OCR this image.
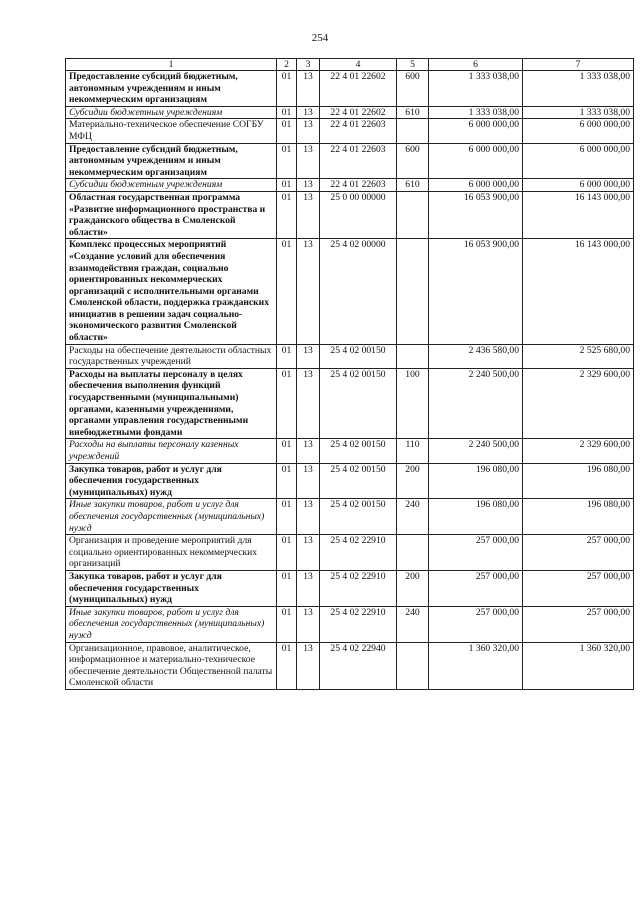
254
1	2	3	4	5	6	7
Предоставление субсидий бюджетным, автономным учреждениям и иным некоммерческим организациям	01	13	22 4 01 22602	600	1 333 038,00	1 333 038,00
Субсидии бюджетным учреждениям	01	13	22 4 01 22602	610	1 333 038,00	1 333 038,00
Материально-техническое обеспечение СОГБУ МФЦ	01	13	22 4 01 22603		6 000 000,00	6 000 000,00
Предоставление субсидий бюджетным, автономным учреждениям и иным некоммерческим организациям	01	13	22 4 01 22603	600	6 000 000,00	6 000 000,00
Субсидии бюджетным учреждениям	01	13	22 4 01 22603	610	6 000 000,00	6 000 000,00
Областная государственная программа «Развитие информационного пространства и гражданского общества в Смоленской области»	01	13	25 0 00 00000		16 053 900,00	16 143 000,00
Комплекс процессных мероприятий «Создание условий для обеспечения взаимодействия граждан, социально ориентированных некоммерческих организаций с исполнительными органами Смоленской области, поддержка гражданских инициатив в решении задач социально-экономического развития Смоленской области»	01	13	25 4 02 00000		16 053 900,00	16 143 000,00
Расходы на обеспечение деятельности областных государственных учреждений	01	13	25 4 02 00150		2 436 580,00	2 525 680,00
Расходы на выплаты персоналу в целях обеспечения выполнения функций государственными (муниципальными) органами, казенными учреждениями, органами управления государственными внебюджетными фондами	01	13	25 4 02 00150	100	2 240 500,00	2 329 600,00
Расходы на выплаты персоналу казенных учреждений	01	13	25 4 02 00150	110	2 240 500,00	2 329 600,00
Закупка товаров, работ и услуг для обеспечения государственных (муниципальных) нужд	01	13	25 4 02 00150	200	196 080,00	196 080,00
Иные закупки товаров, работ и услуг для обеспечения государственных (муниципальных) нужд	01	13	25 4 02 00150	240	196 080,00	196 080,00
Организация и проведение мероприятий для социально ориентированных некоммерческих организаций	01	13	25 4 02 22910		257 000,00	257 000,00
Закупка товаров, работ и услуг для обеспечения государственных (муниципальных) нужд	01	13	25 4 02 22910	200	257 000,00	257 000,00
Иные закупки товаров, работ и услуг для обеспечения государственных (муниципальных) нужд	01	13	25 4 02 22910	240	257 000,00	257 000,00
Организационное, правовое, аналитическое, информационное и материально-техническое обеспечение деятельности Общественной палаты Смоленской области	01	13	25 4 02 22940		1 360 320,00	1 360 320,00
